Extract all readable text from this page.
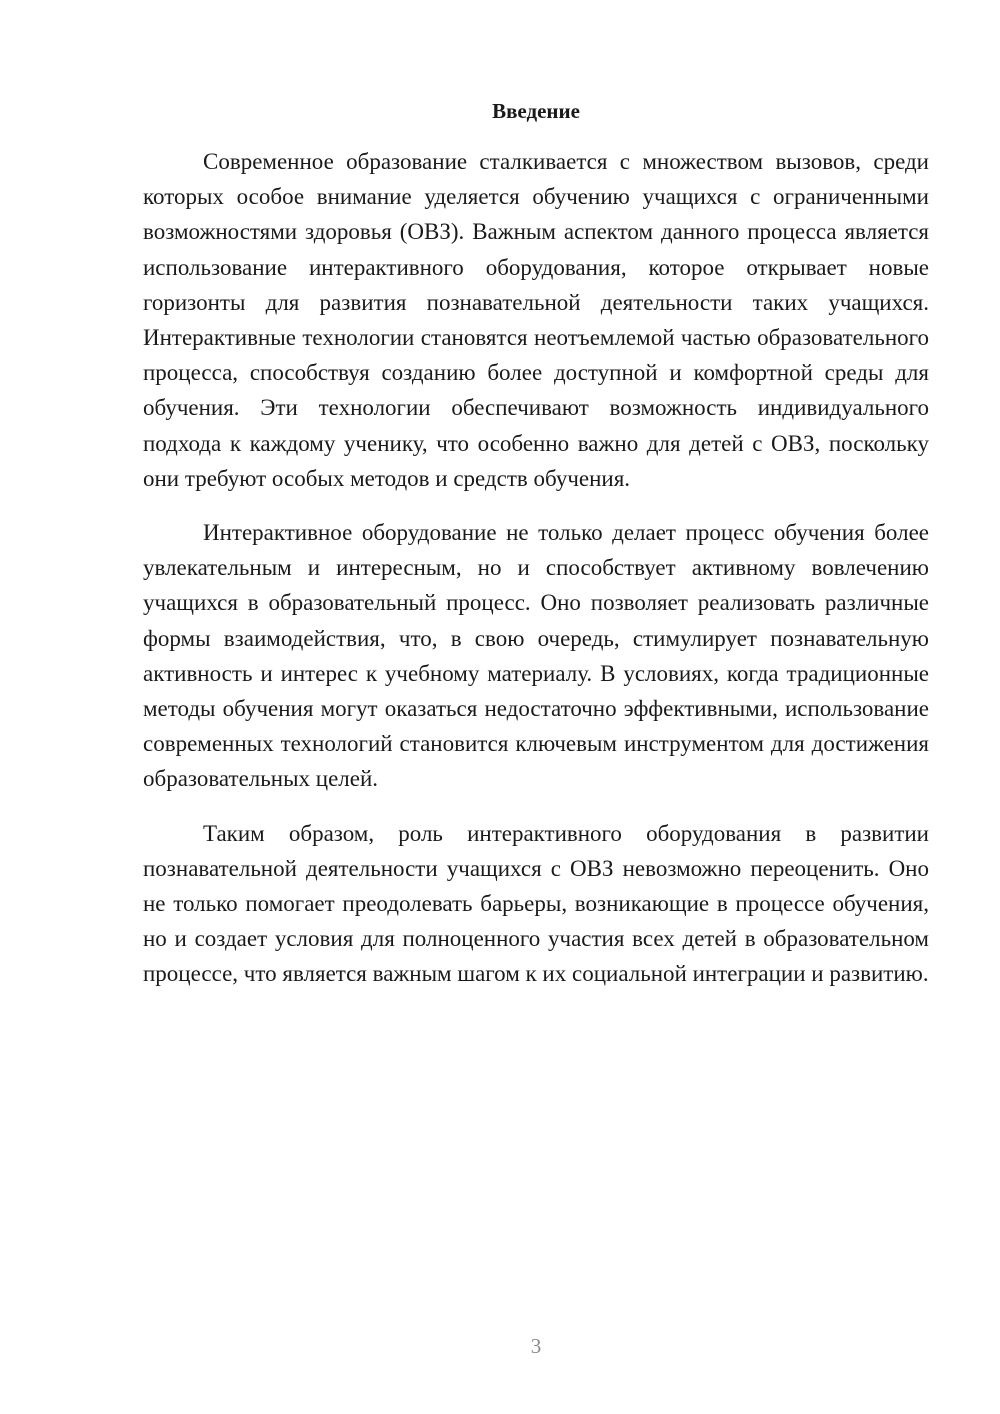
Введение

Современное образование сталкивается с множеством вызовов, среди которых особое внимание уделяется обучению учащихся с ограниченными возможностями здоровья (ОВЗ). Важным аспектом данного процесса является использование интерактивного оборудования, которое открывает новые горизонты для развития познавательной деятельности таких учащихся. Интерактивные технологии становятся неотъемлемой частью образовательного процесса, способствуя созданию более доступной и комфортной среды для обучения. Эти технологии обеспечивают возможность индивидуального подхода к каждому ученику, что особенно важно для детей с ОВЗ, поскольку они требуют особых методов и средств обучения.

Интерактивное оборудование не только делает процесс обучения более увлекательным и интересным, но и способствует активному вовлечению учащихся в образовательный процесс. Оно позволяет реализовать различные формы взаимодействия, что, в свою очередь, стимулирует познавательную активность и интерес к учебному материалу. В условиях, когда традиционные методы обучения могут оказаться недостаточно эффективными, использование современных технологий становится ключевым инструментом для достижения образовательных целей.

Таким образом, роль интерактивного оборудования в развитии познавательной деятельности учащихся с ОВЗ невозможно переоценить. Оно не только помогает преодолевать барьеры, возникающие в процессе обучения, но и создает условия для полноценного участия всех детей в образовательном процессе, что является важным шагом к их социальной интеграции и развитию.

3
